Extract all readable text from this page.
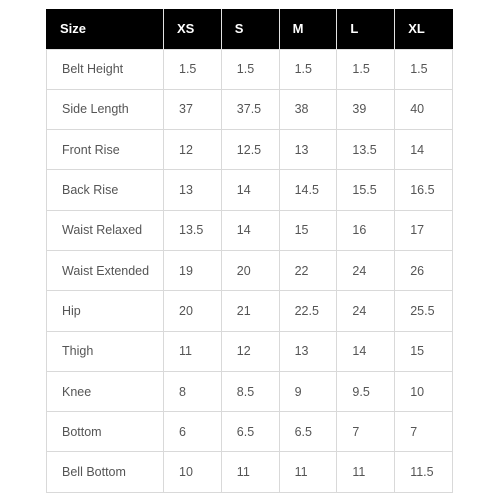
Size	XS	S	M	L	XL
Belt Height	1.5	1.5	1.5	1.5	1.5
Side Length	37	37.5	38	39	40
Front Rise	12	12.5	13	13.5	14
Back Rise	13	14	14.5	15.5	16.5
Waist Relaxed	13.5	14	15	16	17
Waist Extended	19	20	22	24	26
Hip	20	21	22.5	24	25.5
Thigh	11	12	13	14	15
Knee	8	8.5	9	9.5	10
Bottom	6	6.5	6.5	7	7
Bell Bottom	10	11	11	11	11.5
